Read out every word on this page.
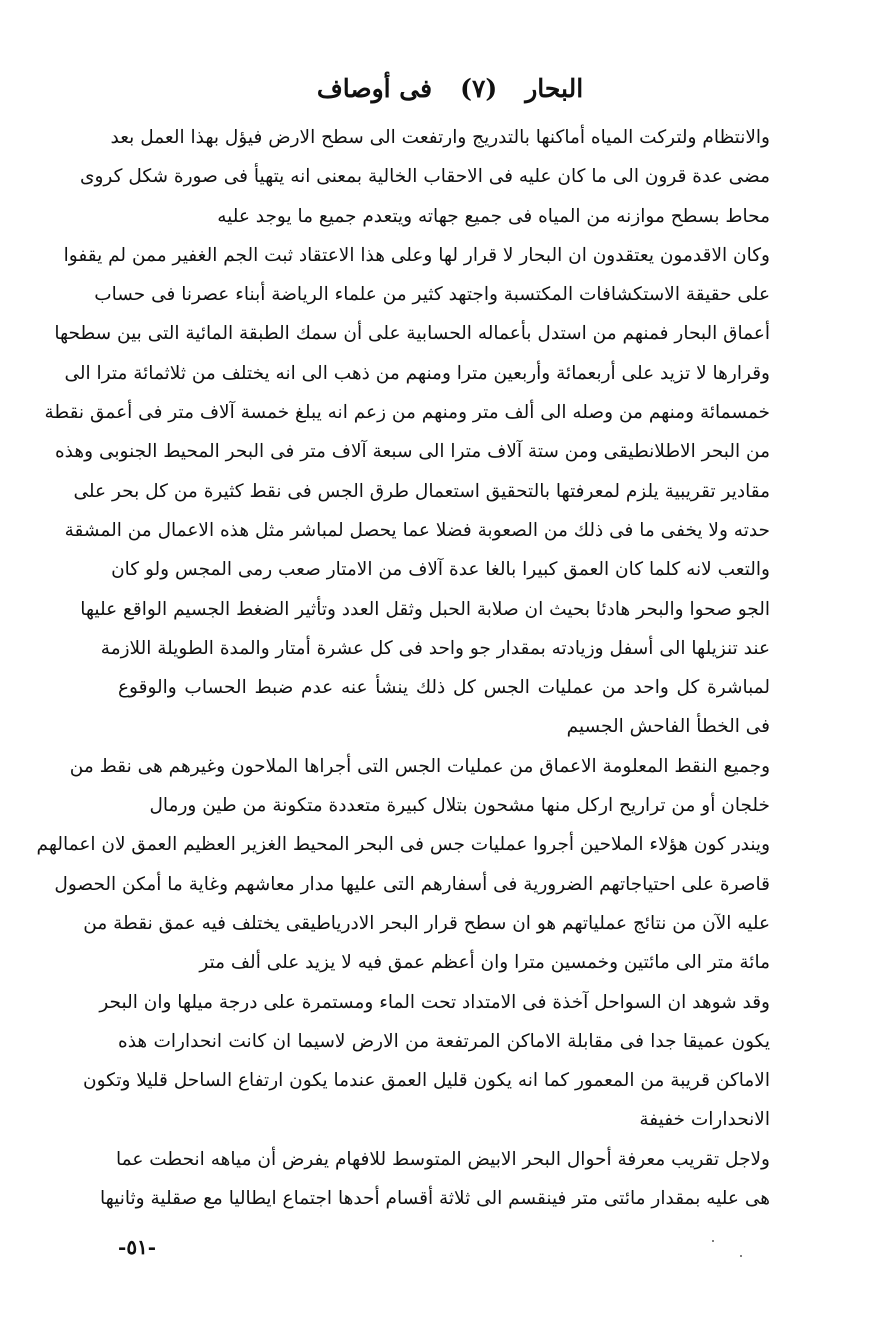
البحار
(٧)
فى أوصاف
والانتظام ولتركت المياه أماكنها بالتدريج وارتفعت الى سطح الارض فيؤل بهذا العمل بعد
مضى عدة قرون الى ما كان عليه فى الاحقاب الخالية بمعنى انه يتهيأ فى صورة شكل كروى
محاط بسطح موازنه من المياه فى جميع جهاته ويتعدم جميع ما يوجد عليه
وكان الاقدمون يعتقدون ان البحار لا قرار لها وعلى هذا الاعتقاد ثبت الجم الغفير ممن لم يقفوا
على حقيقة الاستكشافات المكتسبة واجتهد كثير من علماء الرياضة أبناء عصرنا فى حساب
أعماق البحار فمنهم من استدل بأعماله الحسابية على أن سمك الطبقة المائية التى بين سطحها
وقرارها لا تزيد على أربعمائة وأربعين مترا ومنهم من ذهب الى انه يختلف من ثلاثمائة مترا الى
خمسمائة ومنهم من وصله الى ألف متر ومنهم من زعم انه يبلغ خمسة آلاف متر فى أعمق نقطة
من البحر الاطلانطيقى ومن ستة آلاف مترا الى سبعة آلاف متر فى البحر المحيط الجنوبى وهذه
مقادير تقريبية يلزم لمعرفتها بالتحقيق استعمال طرق الجس فى نقط كثيرة من كل بحر على
حدته ولا يخفى ما فى ذلك من الصعوبة فضلا عما يحصل لمباشر مثل هذه الاعمال من المشقة
والتعب لانه كلما كان العمق كبيرا بالغا عدة آلاف من الامتار صعب رمى المجس ولو كان
الجو صحوا والبحر هادئا بحيث ان صلابة الحبل وثقل العدد وتأثير الضغط الجسيم الواقع عليها
عند تنزيلها الى أسفل وزيادته بمقدار جو واحد فى كل عشرة أمتار والمدة الطويلة اللازمة
لمباشرة كل واحد من عمليات الجس كل ذلك ينشأ عنه عدم ضبط الحساب والوقوع
فى الخطأ الفاحش الجسيم
وجميع النقط المعلومة الاعماق من عمليات الجس التى أجراها الملاحون وغيرهم هى نقط من
خلجان أو من تراريح اركل منها مشحون بتلال كبيرة متعددة متكونة من طين ورمال
ويندر كون هؤلاء الملاحين أجروا عمليات جس فى البحر المحيط الغزير العظيم العمق لان اعمالهم
قاصرة على احتياجاتهم الضرورية فى أسفارهم التى عليها مدار معاشهم وغاية ما أمكن الحصول
عليه الآن من نتائج عملياتهم هو ان سطح قرار البحر الادرياطيقى يختلف فيه عمق نقطة من
مائة متر الى مائتين وخمسين مترا وان أعظم عمق فيه لا يزيد على ألف متر
وقد شوهد ان السواحل آخذة فى الامتداد تحت الماء ومستمرة على درجة ميلها وان البحر
يكون عميقا جدا فى مقابلة الاماكن المرتفعة من الارض لاسيما ان كانت انحدارات هذه
الاماكن قريبة من المعمور كما انه يكون قليل العمق عندما يكون ارتفاع الساحل قليلا وتكون
الانحدارات خفيفة
ولاجل تقريب معرفة أحوال البحر الابيض المتوسط للافهام يفرض أن مياهه انحطت عما
هى عليه بمقدار مائتى متر فينقسم الى ثلاثة أقسام أحدها اجتماع ايطاليا مع صقلية وثانيها
-٥١-
